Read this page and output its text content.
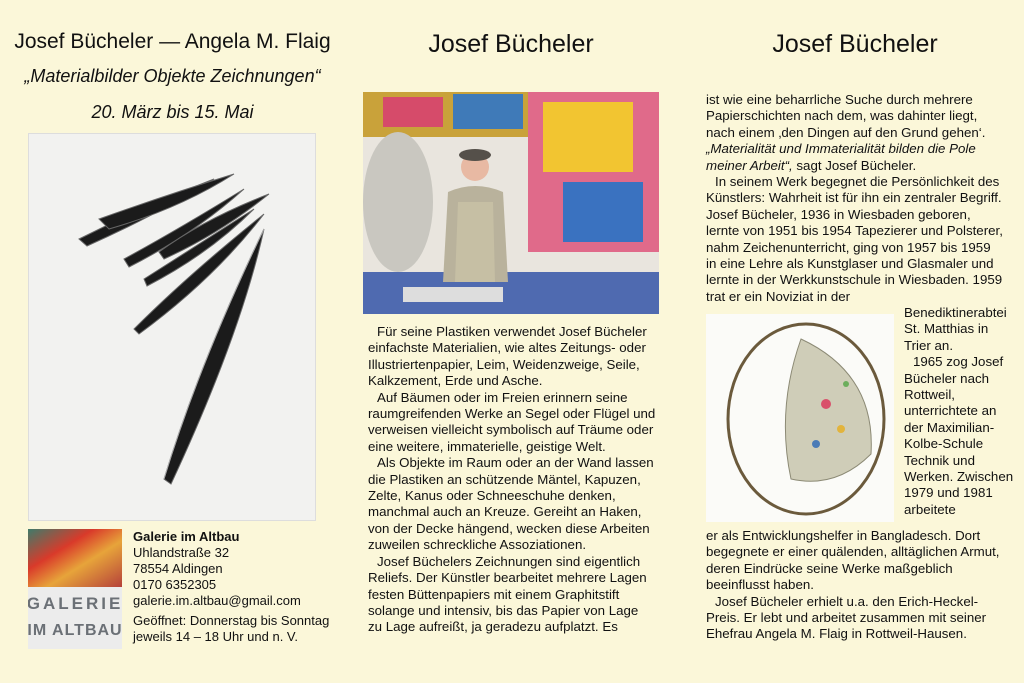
Josef Bücheler — Angela M. Flaig
„Materialbilder Objekte Zeichnungen“
20. März bis 15. Mai
GALERIE
IM ALTBAU
Galerie im Altbau
Uhlandstraße 32
78554 Aldingen
0170 6352305
galerie.im.altbau@gmail.com
Geöffnet: Donnerstag bis Sonntag
jeweils 14 – 18 Uhr und n. V.
Josef Bücheler

Für seine Plastiken verwendet Josef Bücheler einfachste Materialien, wie altes Zeitungs- oder Illustriertenpapier, Leim, Weidenzweige, Seile, Kalkzement, Erde und Asche.

Auf Bäumen oder im Freien erinnern seine raumgreifenden Werke an Segel oder Flügel und verweisen vielleicht symbolisch auf Träume oder eine weitere, immaterielle, geistige Welt.

Als Objekte im Raum oder an der Wand lassen die Plastiken an schützende Mäntel, Kapuzen, Zelte, Kanus oder Schneeschuhe denken, manchmal auch an Kreuze. Gereiht an Haken, von der Decke hängend, wecken diese Arbeiten zuweilen schreckliche Assoziationen.

Josef Büchelers Zeichnungen sind eigentlich Reliefs. Der Künstler bearbeitet mehrere Lagen festen Büttenpapiers mit einem Graphitstift solange und intensiv, bis das Papier von Lage zu Lage aufreißt, ja geradezu aufplatzt. Es

Josef Bücheler

ist wie eine beharrliche Suche durch mehrere Papierschichten nach dem, was dahinter liegt, nach einem ‚den Dingen auf den Grund gehen‘. „Materialität und Immaterialität bilden die Pole meiner Arbeit“, sagt Josef Bücheler.

In seinem Werk begegnet die Persönlichkeit des Künstlers: Wahrheit ist für ihn ein zentraler Begriff. Josef Bücheler, 1936 in Wiesbaden geboren, lernte von 1951 bis 1954 Tapezierer und Polsterer, nahm Zeichenunterricht, ging von 1957 bis 1959 in eine Lehre als Kunstglaser und Glasmaler und lernte in der Werkkunstschule in Wiesbaden. 1959 trat er ein Noviziat in der

Benediktinerabtei St. Matthias in Trier an.

1965 zog Josef Bücheler nach Rottweil, unterrichtete an der Maximilian-Kolbe-Schule Technik und Werken. Zwischen 1979 und 1981 arbeitete

er als Entwicklungshelfer in Bangladesch. Dort begegnete er einer quälenden, alltäglichen Armut, deren Eindrücke seine Werke maßgeblich beeinflusst haben.

Josef Bücheler erhielt u.a. den Erich-Heckel-Preis. Er lebt und arbeitet zusammen mit seiner Ehefrau Angela M. Flaig in Rottweil-Hausen.
